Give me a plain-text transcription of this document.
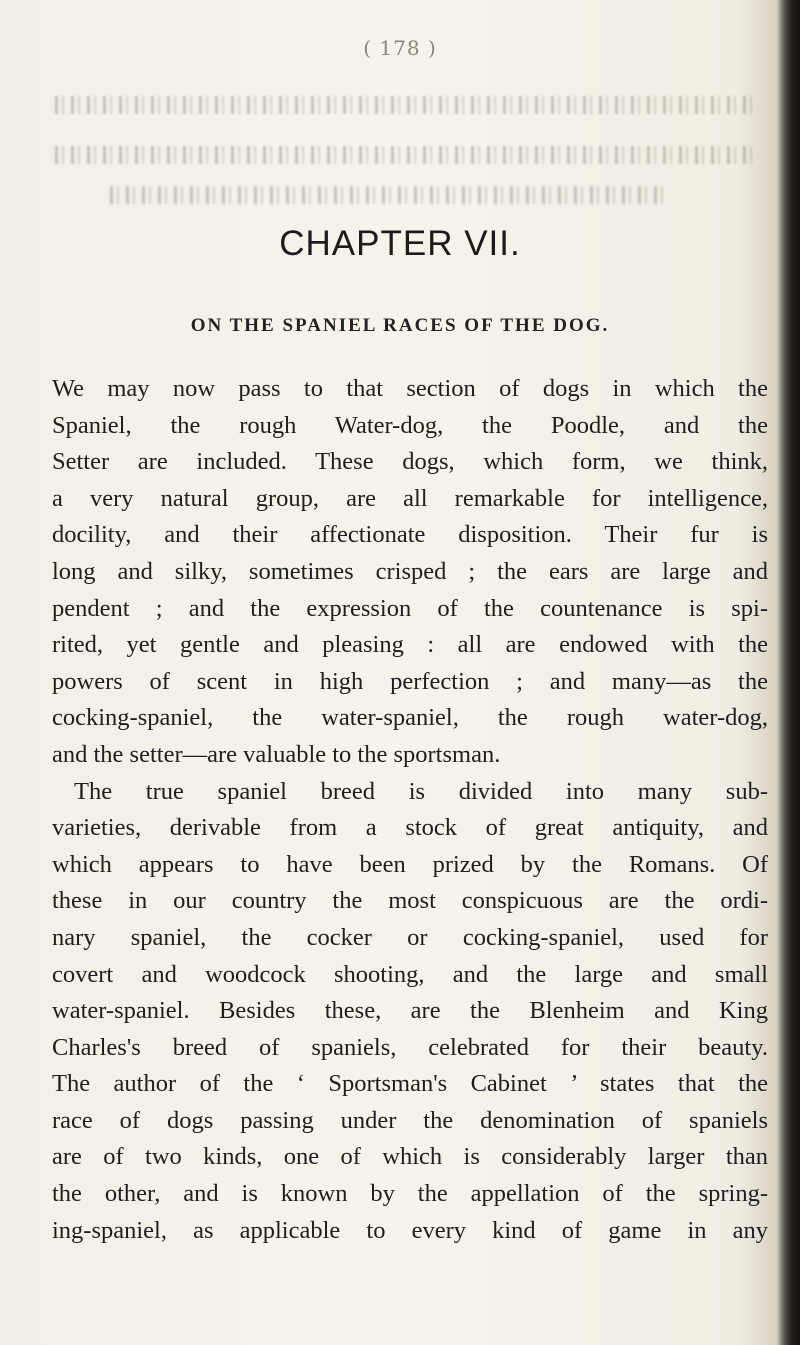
( 178 )
CHAPTER VII.
ON THE SPANIEL RACES OF THE DOG.
We may now pass to that section of dogs in which the
Spaniel, the rough Water-dog, the Poodle, and the
Setter are included. These dogs, which form, we think,
a very natural group, are all remarkable for intelligence,
docility, and their affectionate disposition. Their fur is
long and silky, sometimes crisped ; the ears are large and
pendent ; and the expression of the countenance is spi-
rited, yet gentle and pleasing : all are endowed with the
powers of scent in high perfection ; and many—as the
cocking-spaniel, the water-spaniel, the rough water-dog,
and the setter—are valuable to the sportsman.
The true spaniel breed is divided into many sub-
varieties, derivable from a stock of great antiquity, and
which appears to have been prized by the Romans. Of
these in our country the most conspicuous are the ordi-
nary spaniel, the cocker or cocking-spaniel, used for
covert and woodcock shooting, and the large and small
water-spaniel. Besides these, are the Blenheim and King
Charles's breed of spaniels, celebrated for their beauty.
The author of the ‘ Sportsman's Cabinet ’ states that the
race of dogs passing under the denomination of spaniels
are of two kinds, one of which is considerably larger than
the other, and is known by the appellation of the spring-
ing-spaniel, as applicable to every kind of game in any
